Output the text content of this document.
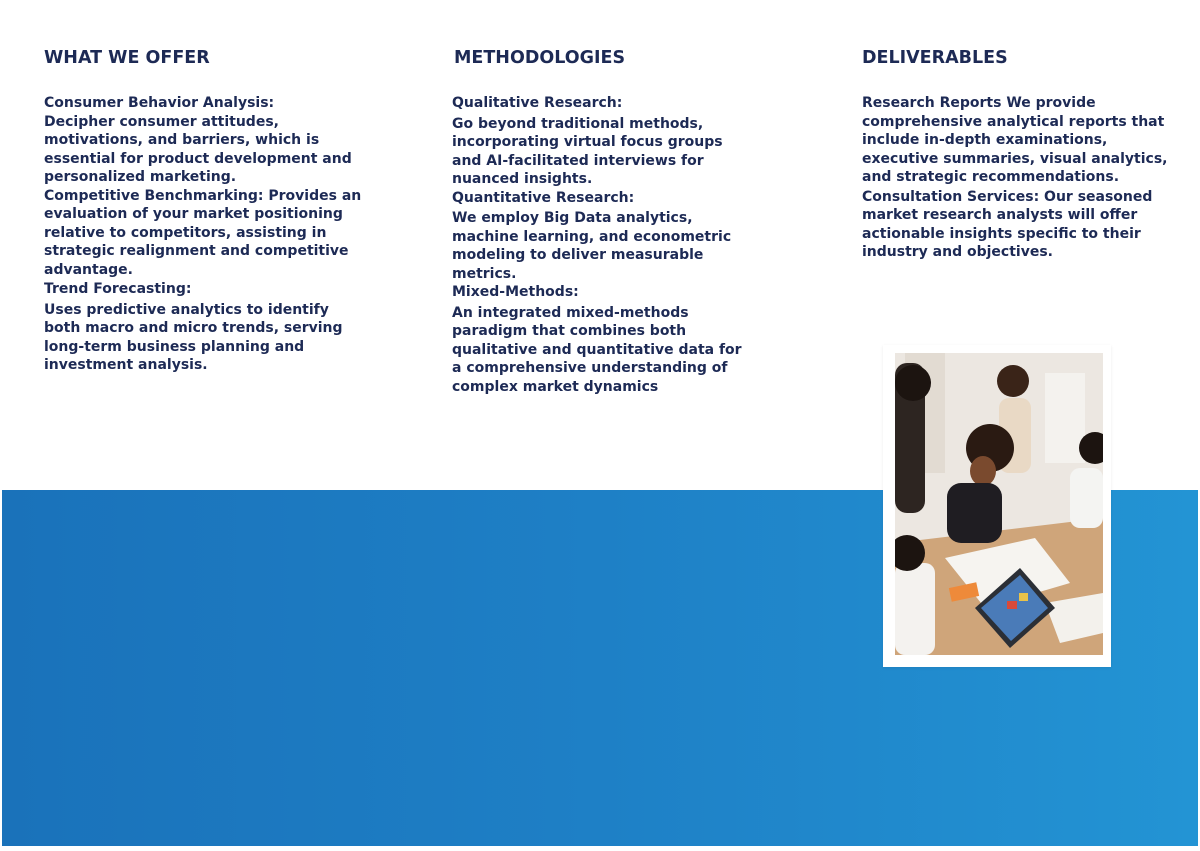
WHAT WE OFFER

Consumer Behavior Analysis:

Decipher consumer attitudes, motivations, and barriers, which is essential for product development and personalized marketing.

Competitive Benchmarking: Provides an evaluation of your market positioning relative to competitors, assisting in strategic realignment and competitive advantage.

Trend Forecasting:

Uses predictive analytics to identify both macro and micro trends, serving long-term business planning and investment analysis.

METHODOLOGIES

Qualitative Research:

Go beyond traditional methods, incorporating virtual focus groups and AI-facilitated interviews for nuanced insights.

Quantitative Research:

We employ Big Data analytics, machine learning, and econometric modeling to deliver measurable metrics.

Mixed-Methods:

An integrated mixed-methods paradigm that combines both qualitative and quantitative data for a comprehensive understanding of complex market dynamics

DELIVERABLES

Research Reports We provide comprehensive analytical reports that include in-depth examinations, executive summaries, visual analytics, and strategic recommendations.

Consultation Services: Our seasoned market research analysts will offer actionable insights specific to their industry and objectives.
